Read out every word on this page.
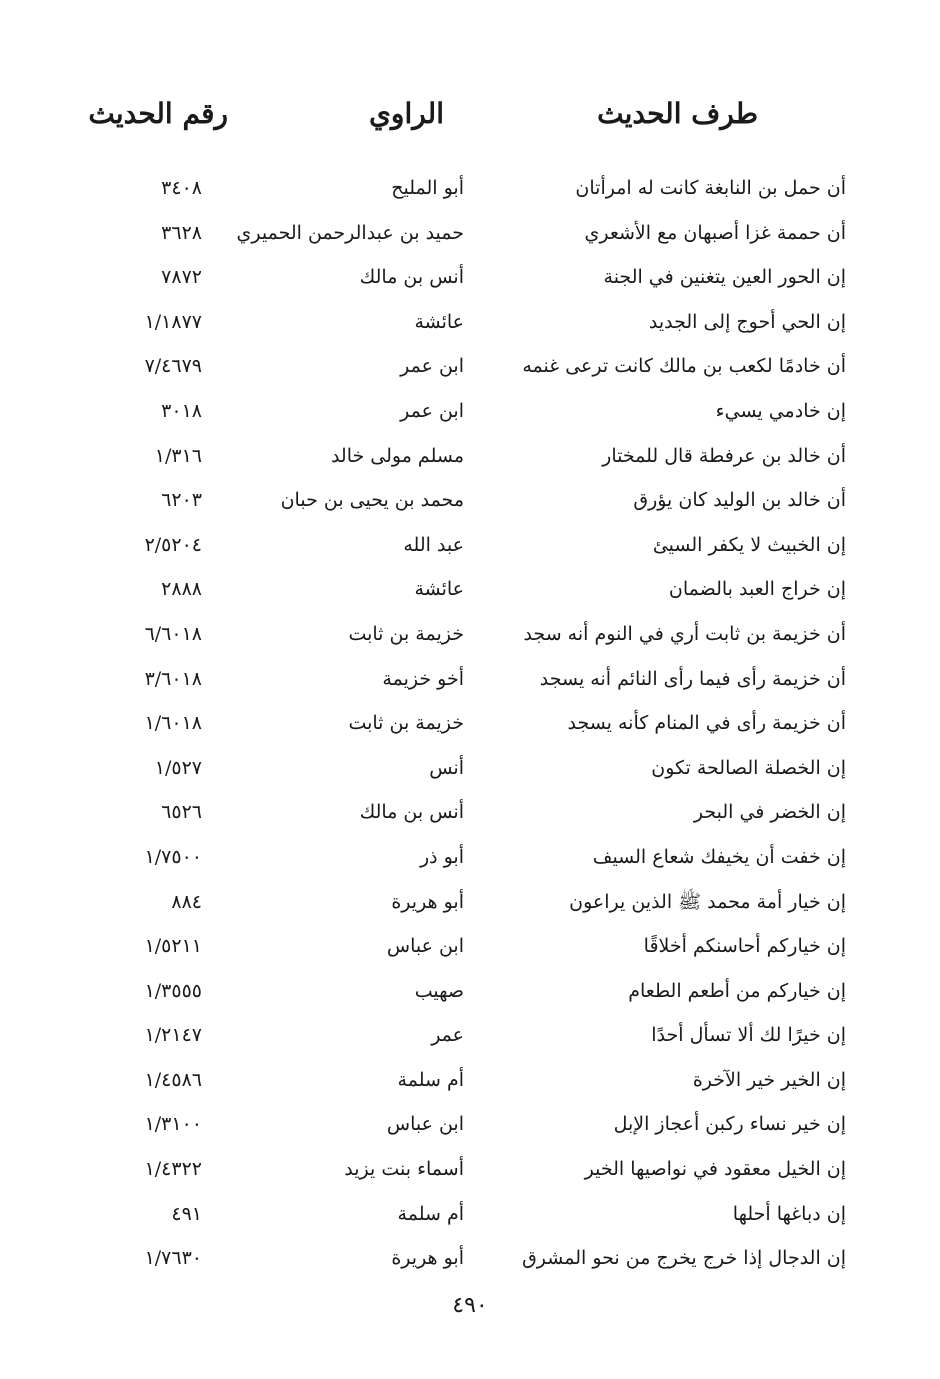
طرف الحديث
الراوي
رقم الحديث
أن حمل بن النابغة كانت له امرأتان
أبو المليح
٣٤٠٨
أن حممة غزا أصبهان مع الأشعري
حميد بن عبدالرحمن الحميري
٣٦٢٨
إن الحور العين يتغنين في الجنة
أنس بن مالك
٧٨٧٢
إن الحي أحوج إلى الجديد
عائشة
١/١٨٧٧
أن خادمًا لكعب بن مالك كانت ترعى غنمه
ابن عمر
٧/٤٦٧٩
إن خادمي يسيء
ابن عمر
٣٠١٨
أن خالد بن عرفطة قال للمختار
مسلم مولى خالد
١/٣١٦
أن خالد بن الوليد كان يؤرق
محمد بن يحيى بن حبان
٦٢٠٣
إن الخبيث لا يكفر السيئ
عبد الله
٢/٥٢٠٤
إن خراج العبد بالضمان
عائشة
٢٨٨٨
أن خزيمة بن ثابت أري في النوم أنه سجد
خزيمة بن ثابت
٦/٦٠١٨
أن خزيمة رأى فيما رأى النائم أنه يسجد
أخو خزيمة
٣/٦٠١٨
أن خزيمة رأى في المنام كأنه يسجد
خزيمة بن ثابت
١/٦٠١٨
إن الخصلة الصالحة تكون
أنس
١/٥٢٧
إن الخضر في البحر
أنس بن مالك
٦٥٢٦
إن خفت أن يخيفك شعاع السيف
أبو ذر
١/٧٥٠٠
إن خيار أمة محمد ﷺ الذين يراعون
أبو هريرة
٨٨٤
إن خياركم أحاسنكم أخلاقًا
ابن عباس
١/٥٢١١
إن خياركم من أطعم الطعام
صهيب
١/٣٥٥٥
إن خيرًا لك ألا تسأل أحدًا
عمر
١/٢١٤٧
إن الخير خير الآخرة
أم سلمة
١/٤٥٨٦
إن خير نساء ركبن أعجاز الإبل
ابن عباس
١/٣١٠٠
إن الخيل معقود في نواصيها الخير
أسماء بنت يزيد
١/٤٣٢٢
إن دباغها أحلها
أم سلمة
٤٩١
إن الدجال إذا خرج يخرج من نحو المشرق
أبو هريرة
١/٧٦٣٠
٤٩٠
